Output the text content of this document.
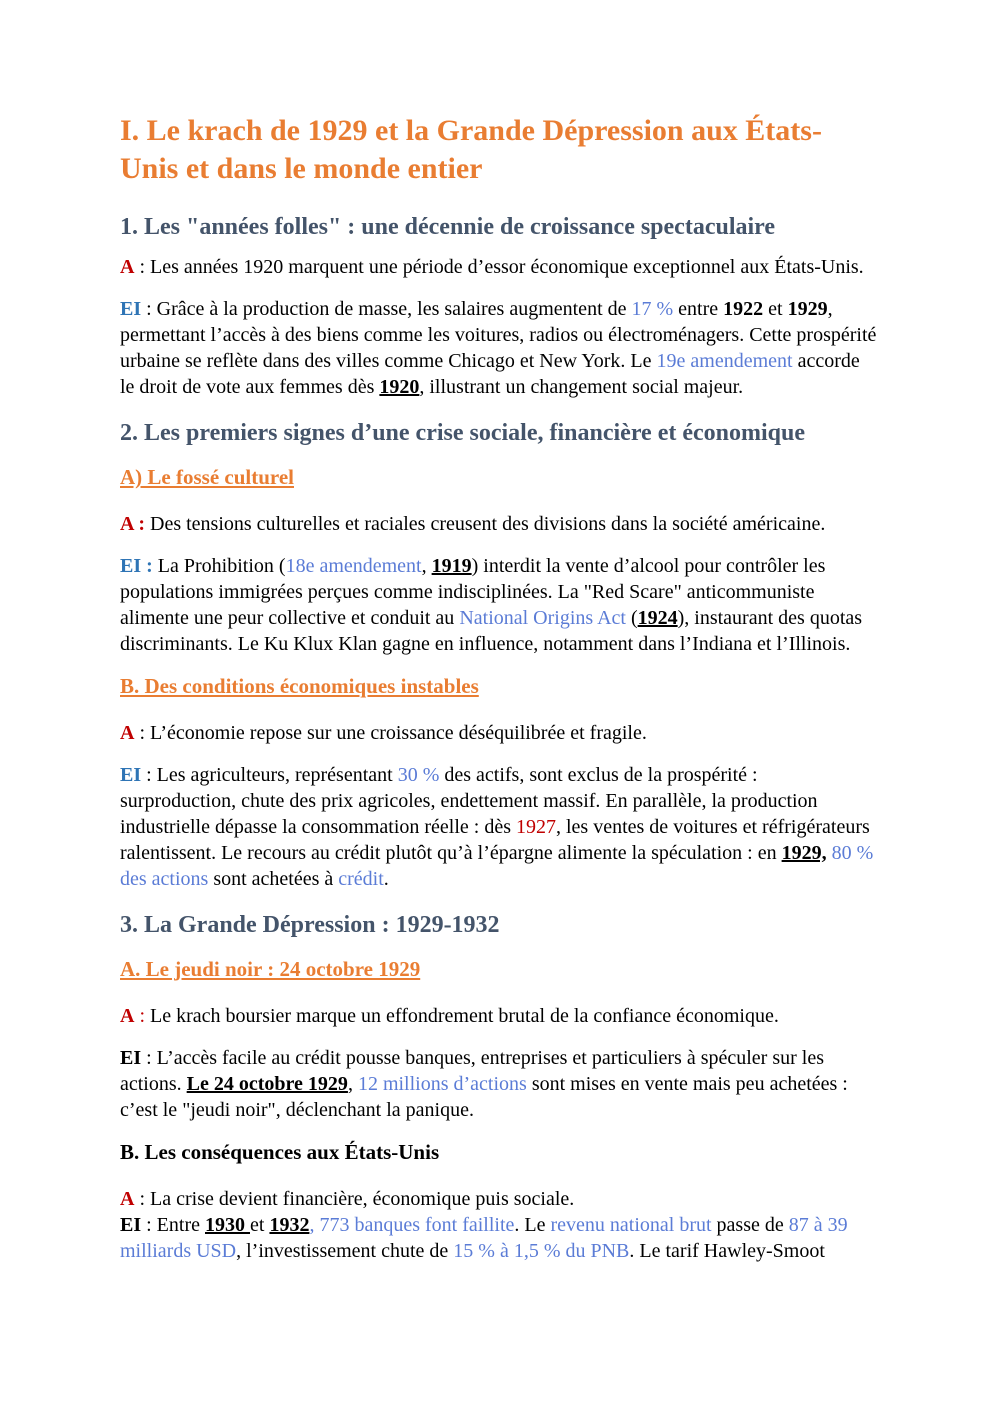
I. Le krach de 1929 et la Grande Dépression aux États-Unis et dans le monde entier
1. Les "années folles" : une décennie de croissance spectaculaire

A : Les années 1920 marquent une période d’essor économique exceptionnel aux États-Unis.

EI : Grâce à la production de masse, les salaires augmentent de 17 % entre 1922 et 1929, permettant l’accès à des biens comme les voitures, radios ou électroménagers. Cette prospérité urbaine se reflète dans des villes comme Chicago et New York. Le 19e amendement accorde le droit de vote aux femmes dès 1920, illustrant un changement social majeur.

2. Les premiers signes d’une crise sociale, financière et économique
A) Le fossé culturel

A : Des tensions culturelles et raciales creusent des divisions dans la société américaine.

EI : La Prohibition (18e amendement, 1919) interdit la vente d’alcool pour contrôler les populations immigrées perçues comme indisciplinées. La "Red Scare" anticommuniste alimente une peur collective et conduit au National Origins Act (1924), instaurant des quotas discriminants. Le Ku Klux Klan gagne en influence, notamment dans l’Indiana et l’Illinois.

B. Des conditions économiques instables

A : L’économie repose sur une croissance déséquilibrée et fragile.

EI : Les agriculteurs, représentant 30 % des actifs, sont exclus de la prospérité : surproduction, chute des prix agricoles, endettement massif. En parallèle, la production industrielle dépasse la consommation réelle : dès 1927, les ventes de voitures et réfrigérateurs ralentissent. Le recours au crédit plutôt qu’à l’épargne alimente la spéculation : en 1929, 80 % des actions sont achetées à crédit.

3. La Grande Dépression : 1929-1932
A. Le jeudi noir : 24 octobre 1929

A : Le krach boursier marque un effondrement brutal de la confiance économique.

EI : L’accès facile au crédit pousse banques, entreprises et particuliers à spéculer sur les actions. Le 24 octobre 1929, 12 millions d’actions sont mises en vente mais peu achetées : c’est le "jeudi noir", déclenchant la panique.

B. Les conséquences aux États-Unis

A : La crise devient financière, économique puis sociale.
EI : Entre 1930 et 1932, 773 banques font faillite. Le revenu national brut passe de 87 à 39 milliards USD, l’investissement chute de 15 % à 1,5 % du PNB. Le tarif Hawley-Smoot
